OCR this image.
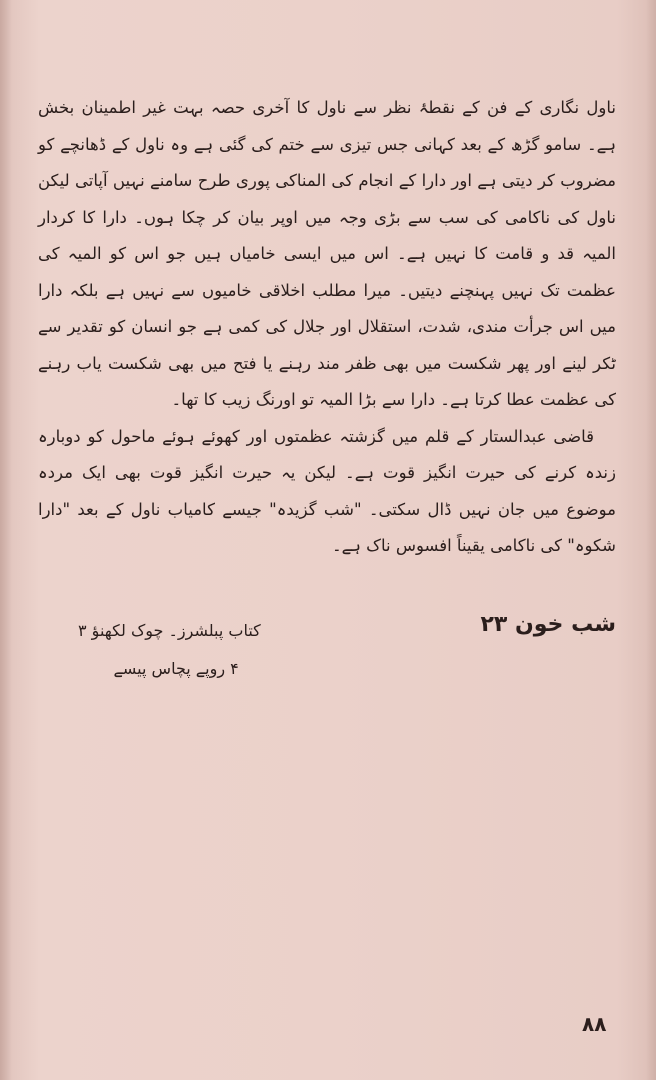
ناول نگاری کے فن کے نقطۂ نظر سے ناول کا آخری حصہ بہت غیر اطمینان بخش ہے۔ سامو گڑھ کے بعد کہانی جس تیزی سے ختم کی گئی ہے وہ ناول کے ڈھانچے کو مضروب کر دیتی ہے اور دارا کے انجام کی المناکی پوری طرح سامنے نہیں آپاتی لیکن ناول کی ناکامی کی سب سے بڑی وجہ میں اوپر بیان کر چکا ہوں۔ دارا کا کردار المیہ قد و قامت کا نہیں ہے۔ اس میں ایسی خامیاں ہیں جو اس کو المیہ کی عظمت تک نہیں پہنچنے دیتیں۔ میرا مطلب اخلاقی خامیوں سے نہیں ہے بلکہ دارا میں اس جرأت مندی، شدت، استقلال اور جلال کی کمی ہے جو انسان کو تقدیر سے ٹکر لینے اور پھر شکست میں بھی ظفر مند رہنے یا فتح میں بھی شکست یاب رہنے کی عظمت عطا کرتا ہے۔ دارا سے بڑا المیہ تو اورنگ زیب کا تھا۔

قاضی عبدالستار کے قلم میں گزشتہ عظمتوں اور کھوئے ہوئے ماحول کو دوبارہ زندہ کرنے کی حیرت انگیز قوت ہے۔ لیکن یہ حیرت انگیز قوت بھی ایک مردہ موضوع میں جان نہیں ڈال سکتی۔ "شب گزیدہ" جیسے کامیاب ناول کے بعد "دارا شکوہ" کی ناکامی یقیناً افسوس ناک ہے۔

شب خون ۲۳
کتاب پبلشرز۔ چوک لکھنؤ ۳
۴ روپے پچاس پیسے
۸۸
